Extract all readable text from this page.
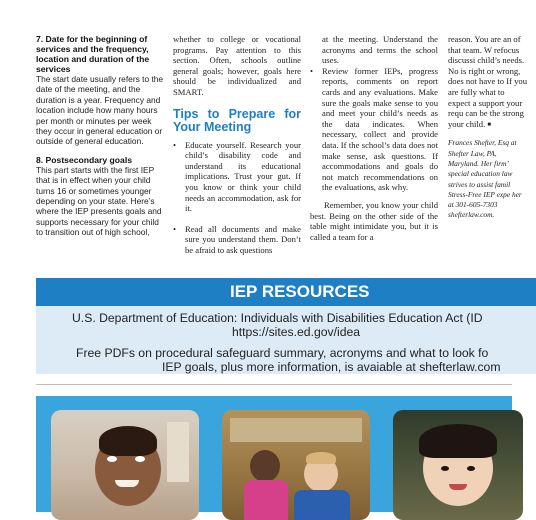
7. Date for the beginning of services and the frequency, location and duration of the services

The start date usually refers to the date of the meeting, and the duration is a year. Frequency and location include how many hours per month or minutes per week they occur in general education or outside of general education.

8. Postsecondary goals

This part starts with the first IEP that is in effect when your child turns 16 or sometimes younger depending on your state. Here’s where the IEP presents goals and supports necessary for your child to transition out of high school,

whether to college or vocational programs. Pay attention to this section. Often, schools outline general goals; however, goals here should be individualized and SMART.

Tips to Prepare for Your Meeting
• Educate yourself. Research your child’s disability code and understand its educational implications. Trust your gut. If you know or think your child needs an accommodation, ask for it.
• Read all documents and make sure you understand them. Don’t be afraid to ask questions

at the meeting. Understand the acronyms and terms the school uses.

• Review former IEPs, progress reports, comments on report cards and any evaluations. Make sure the goals make sense to you and meet your child’s needs as the data indicates. When necessary, collect and provide data. If the school’s data does not make sense, ask questions. If accommodations and goals do not match recommendations on the evaluations, ask why.

Remember, you know your child best. Being on the other side of the table might intimidate you, but it is called a team for a

reason. You are an of that team. W refocus discussi child’s needs. No is right or wrong, does not have to If you are fully what to expect a support your requ can be the strong your child. ■

Frances Shefter, Esq at Shefter Law, PA, Maryland. Her firm’ special education law strives to assist famil Stress-Free IEP expe her at 301-605-7303 shefterlaw.com.

IEP RESOURCES
U.S. Department of Education: Individuals with Disabilities Education Act (ID
https://sites.ed.gov/idea
Free PDFs on procedural safeguard summary, acronyms and what to look fo
IEP goals, plus more information, is avaiable at shefterlaw.com
